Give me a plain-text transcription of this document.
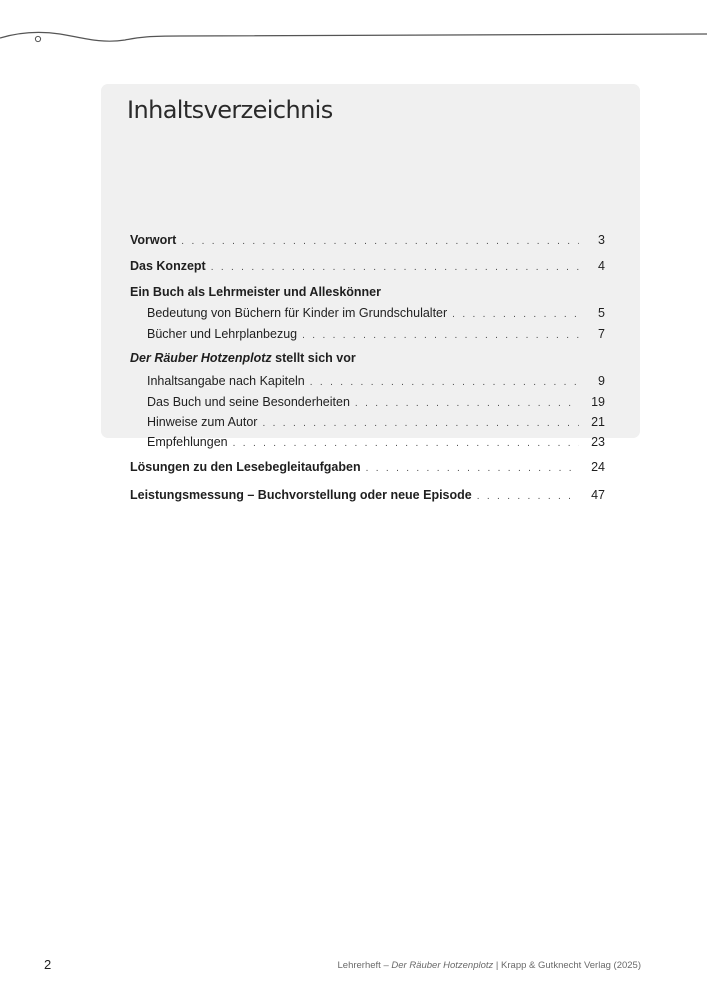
Inhaltsverzeichnis
Vorwort . . .	3
Das Konzept . . .	4
Ein Buch als Lehrmeister und Alleskönner
Bedeutung von Büchern für Kinder im Grundschulalter . . .	5
Bücher und Lehrplanbezug . . .	7
Der Räuber Hotzenplotz stellt sich vor
Inhaltsangabe nach Kapiteln . . .	9
Das Buch und seine Besonderheiten . . .	19
Hinweise zum Autor . . .	21
Empfehlungen . . .	23
Lösungen zu den Lesebegleitaufgaben . . .	24
Leistungsmessung – Buchvorstellung oder neue Episode . . .	47
2	Lehrerheft – Der Räuber Hotzenplotz | Krapp & Gutknecht Verlag (2025)
